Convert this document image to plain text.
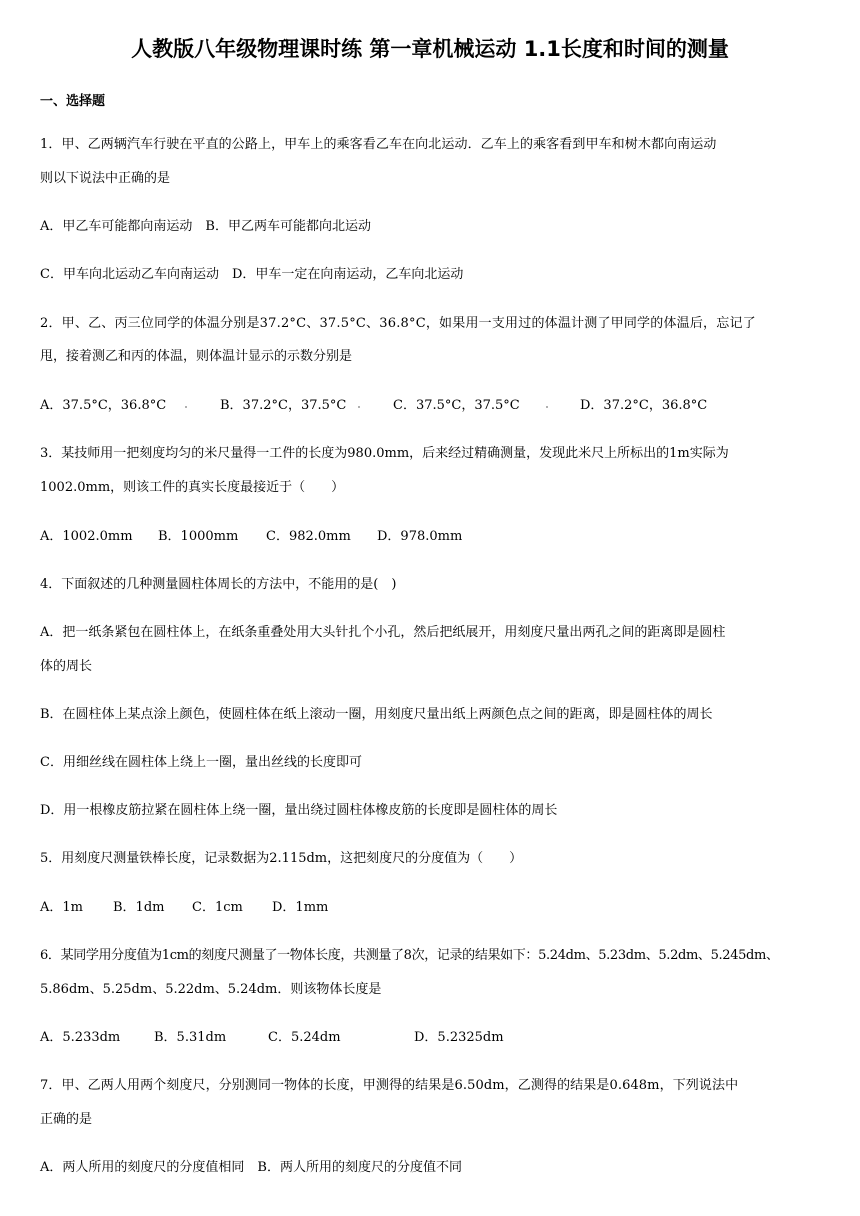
人教版八年级物理课时练 第一章机械运动 1.1长度和时间的测量
一、选择题
1．甲、乙两辆汽车行驶在平直的公路上，甲车上的乘客看乙车在向北运动．乙车上的乘客看到甲车和树木都向南运动
则以下说法中正确的是
A．甲乙车可能都向南运动　B．甲乙两车可能都向北运动
C．甲车向北运动乙车向南运动　D．甲车一定在向南运动，乙车向北运动
2．甲、乙、丙三位同学的体温分别是37.2°C、37.5°C、36.8°C，如果用一支用过的体温计测了甲同学的体温后，忘记了
甩，接着测乙和丙的体温，则体温计显示的示数分别是
A．37.5°C，36.8°C	B．37.2°C，37.5°C	C．37.5°C，37.5°C	D．37.2°C，36.8°C
3．某技师用一把刻度均匀的米尺量得一工件的长度为980.0mm，后来经过精确测量，发现此米尺上所标出的1m实际为
1002.0mm，则该工件的真实长度最接近于（　　）
A．1002.0mm B．1000mm C．982.0mm D．978.0mm
4．下面叙述的几种测量圆柱体周长的方法中，不能用的是(　)
A．把一纸条紧包在圆柱体上，在纸条重叠处用大头针扎个小孔，然后把纸展开，用刻度尺量出两孔之间的距离即是圆柱
体的周长
B．在圆柱体上某点涂上颜色，使圆柱体在纸上滚动一圈，用刻度尺量出纸上两颜色点之间的距离，即是圆柱体的周长
C．用细丝线在圆柱体上绕上一圈，量出丝线的长度即可
D．用一根橡皮筋拉紧在圆柱体上绕一圈，量出绕过圆柱体橡皮筋的长度即是圆柱体的周长
5．用刻度尺测量铁棒长度，记录数据为2.115dm，这把刻度尺的分度值为（　　）
A．1m B．1dm C．1cm D．1mm
6．某同学用分度值为1cm的刻度尺测量了一物体长度，共测量了8次，记录的结果如下：5.24dm、5.23dm、5.2dm、5.245dm、
5.86dm、5.25dm、5.22dm、5.24dm．则该物体长度是
A．5.233dm	B．5.31dm	C．5.24dm	D．5.2325dm
7．甲、乙两人用两个刻度尺，分别测同一物体的长度，甲测得的结果是6.50dm，乙测得的结果是0.648m，下列说法中
正确的是
A．两人所用的刻度尺的分度值相同　B．两人所用的刻度尺的分度值不同
